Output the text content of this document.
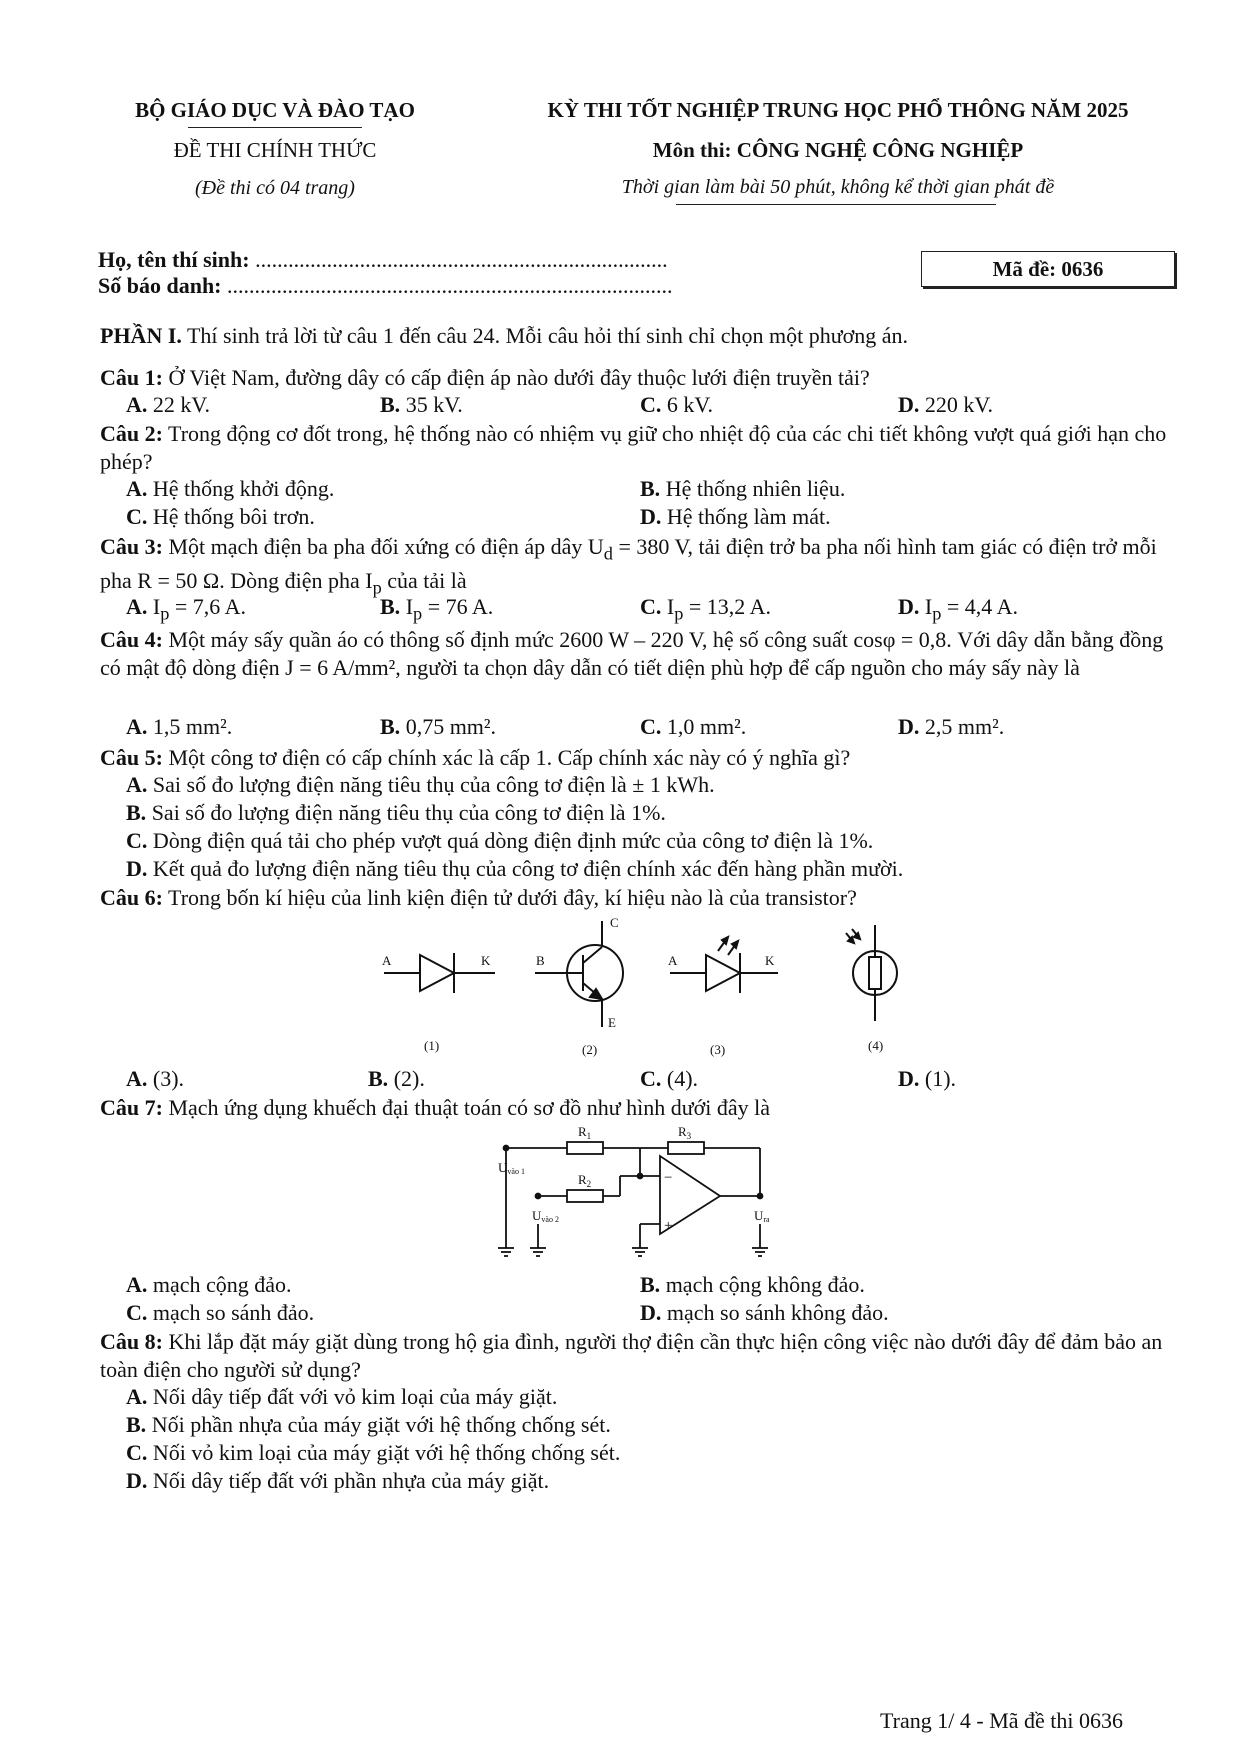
BỘ GIÁO DỤC VÀ ĐÀO TẠO
ĐỀ THI CHÍNH THỨC
(Đề thi có 04 trang)
KỲ THI TỐT NGHIỆP TRUNG HỌC PHỔ THÔNG NĂM 2025
Môn thi: CÔNG NGHỆ CÔNG NGHIỆP
Thời gian làm bài 50 phút, không kể thời gian phát đề
Họ, tên thí sinh: ...........................................................................
Số báo danh: .................................................................................
Mã đề: 0636
PHẦN I. Thí sinh trả lời từ câu 1 đến câu 24. Mỗi câu hỏi thí sinh chỉ chọn một phương án.
Câu 1: Ở Việt Nam, đường dây có cấp điện áp nào dưới đây thuộc lưới điện truyền tải?
A. 22 kV.	B. 35 kV.	C. 6 kV.	D. 220 kV.
Câu 2: Trong động cơ đốt trong, hệ thống nào có nhiệm vụ giữ cho nhiệt độ của các chi tiết không vượt quá giới hạn cho phép?
A. Hệ thống khởi động.	B. Hệ thống nhiên liệu.
C. Hệ thống bôi trơn.	D. Hệ thống làm mát.
Câu 3: Một mạch điện ba pha đối xứng có điện áp dây $U_d = 380$ V, tải điện trở ba pha nối hình tam giác có điện trở mỗi pha R = 50 Ω. Dòng điện pha $I_p$ của tải là
A. $I_p = 7,6$ A.	B. $I_p = 76$ A.	C. $I_p = 13,2$ A.	D. $I_p = 4,4$ A.
Câu 4: Một máy sấy quần áo có thông số định mức 2600 W – 220 V, hệ số công suất cosφ = 0,8. Với dây dẫn bằng đồng có mật độ dòng điện J = 6 A/mm², người ta chọn dây dẫn có tiết diện phù hợp để cấp nguồn cho máy sấy này là
A. 1,5 mm².	B. 0,75 mm².	C. 1,0 mm².	D. 2,5 mm².
Câu 5: Một công tơ điện có cấp chính xác là cấp 1. Cấp chính xác này có ý nghĩa gì?
A. Sai số đo lượng điện năng tiêu thụ của công tơ điện là ± 1 kWh.
B. Sai số đo lượng điện năng tiêu thụ của công tơ điện là 1%.
C. Dòng điện quá tải cho phép vượt quá dòng điện định mức của công tơ điện là 1%.
D. Kết quả đo lượng điện năng tiêu thụ của công tơ điện chính xác đến hàng phần mười.
Câu 6: Trong bốn kí hiệu của linh kiện điện tử dưới đây, kí hiệu nào là của transistor?
A	K	B
C
E
A	K
(1)	(2)	(3)	(4)
A. (3).	B. (2).	C. (4).	D. (1).
Câu 7: Mạch ứng dụng khuếch đại thuật toán có sơ đồ như hình dưới đây là
$R_1$
$R_2$
$R_3$
Uvào 1
Uvào 2	Ura
−
+
A. mạch cộng đảo.	B. mạch cộng không đảo.
C. mạch so sánh đảo.	D. mạch so sánh không đảo.
Câu 8: Khi lắp đặt máy giặt dùng trong hộ gia đình, người thợ điện cần thực hiện công việc nào dưới đây để đảm bảo an toàn điện cho người sử dụng?
A. Nối dây tiếp đất với vỏ kim loại của máy giặt.
B. Nối phần nhựa của máy giặt với hệ thống chống sét.
C. Nối vỏ kim loại của máy giặt với hệ thống chống sét.
D. Nối dây tiếp đất với phần nhựa của máy giặt.
Trang 1/ 4 - Mã đề thi 0636
